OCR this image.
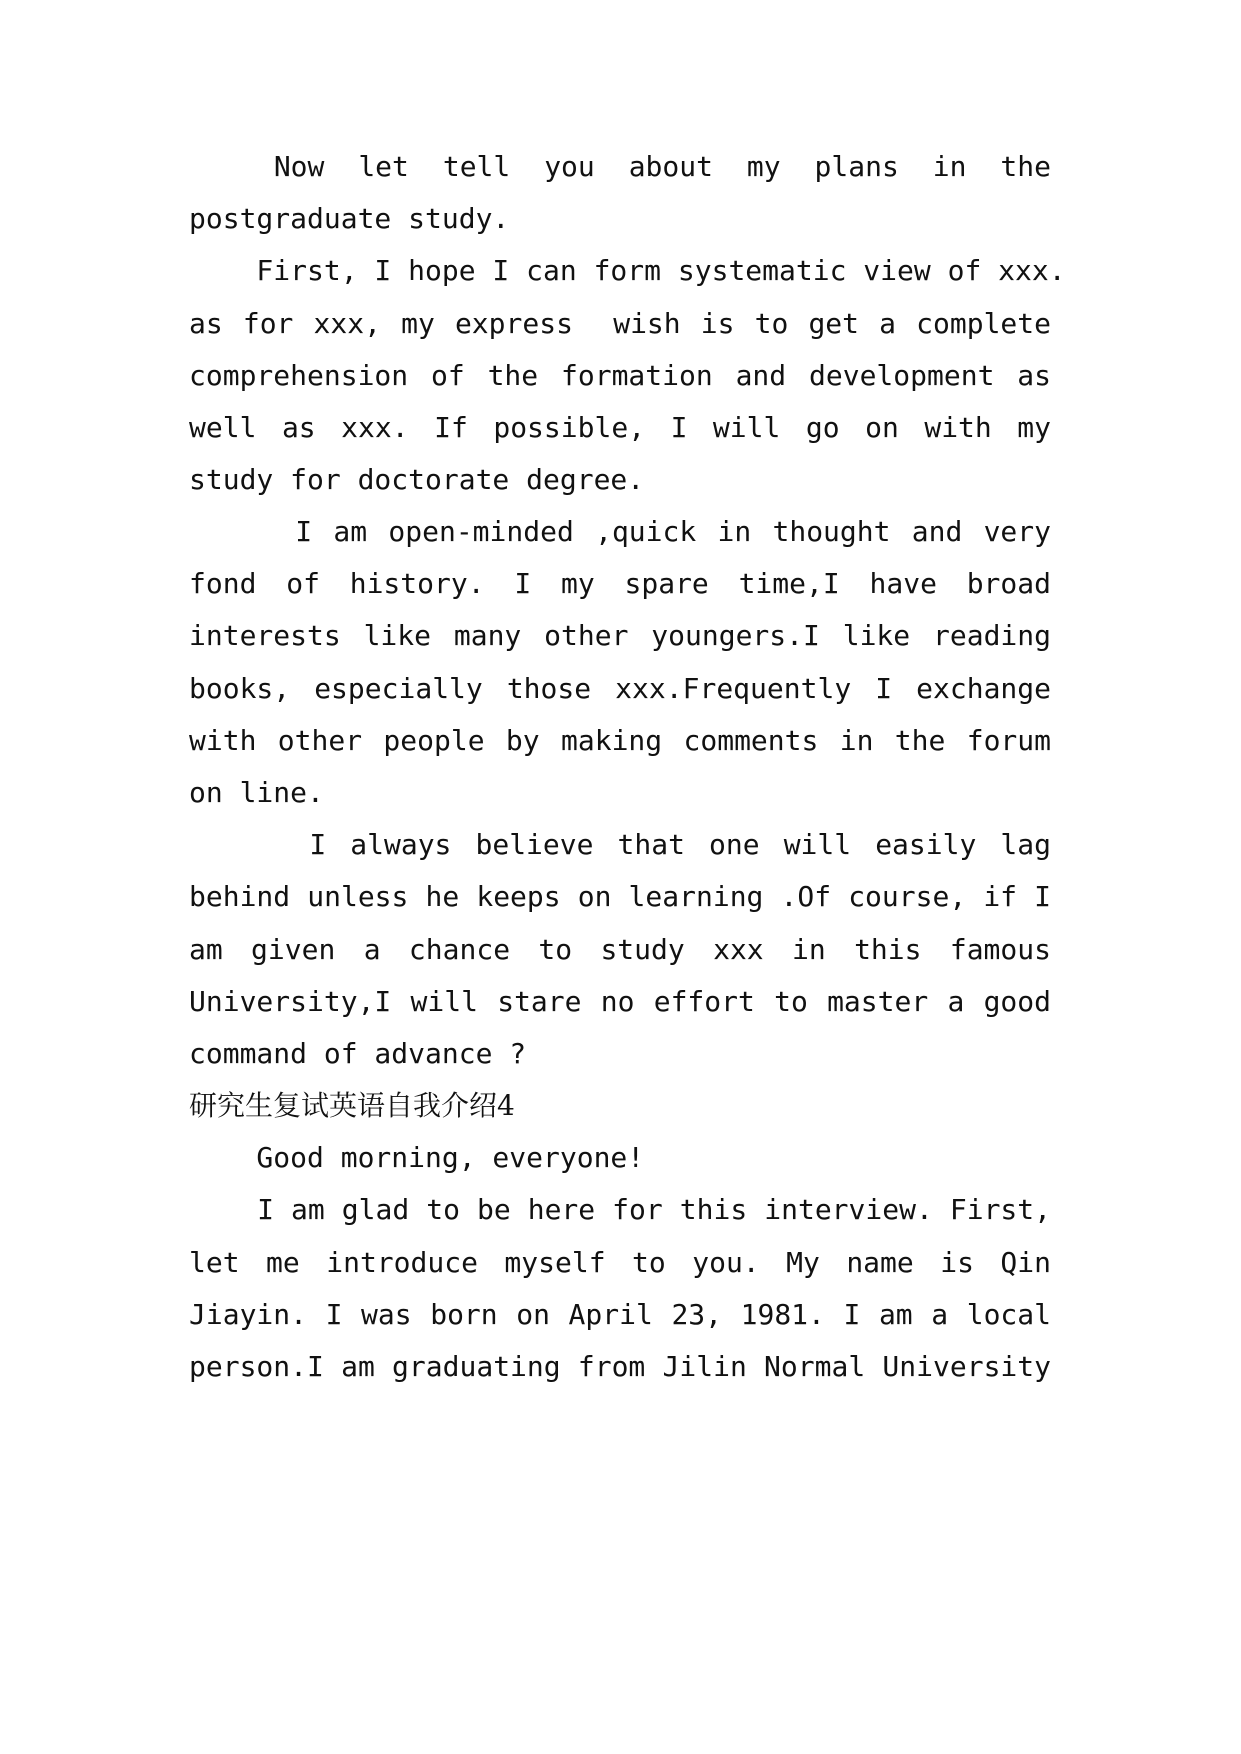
Now  let  tell  you  about  my  plans  in  the
postgraduate study.
First, I hope I can form systematic view of xxx.
as for xxx, my express  wish is to get a complete
comprehension of the formation and development as
well as xxx. If possible, I will go on with my
study for doctorate degree.
I am open-minded ,quick in thought and very
fond of history. I my spare time,I have broad
interests like many other youngers.I like reading
books, especially those xxx.Frequently I exchange
with other people by making comments in the forum
on line.
I always believe that one will easily lag
behind unless he keeps on learning .Of course, if I
am given a chance to study xxx in this famous
University,I will stare no effort to master a good
command of advance ?
研究生复试英语自我介绍4
Good morning, everyone!
I am glad to be here for this interview. First,
let me introduce myself to you. My name is Qin
Jiayin. I was born on April 23, 1981. I am a local
person.I am graduating from Jilin Normal University
